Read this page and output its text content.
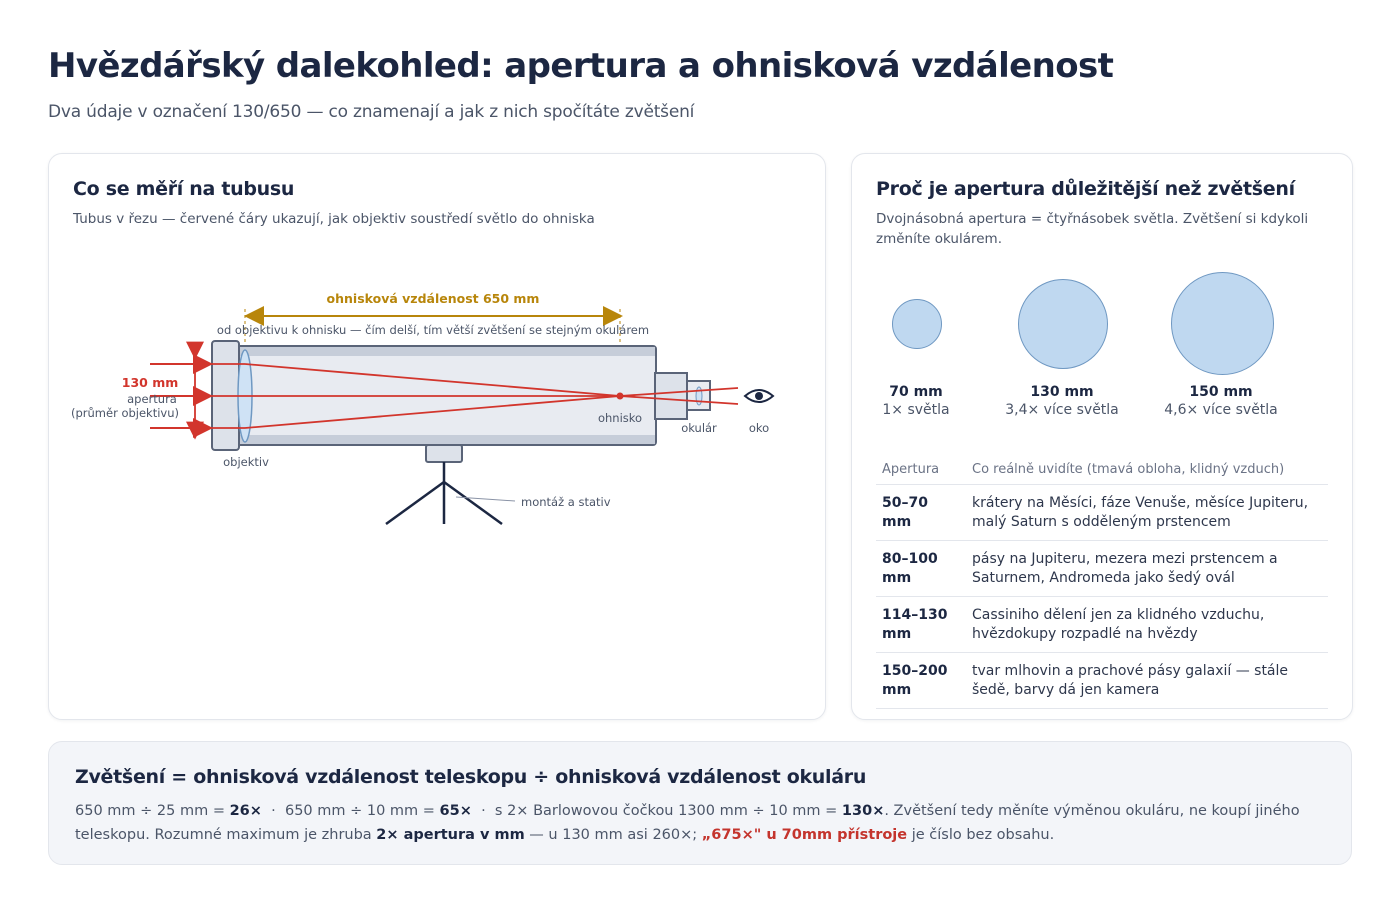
Hvězdářský dalekohled: apertura a ohnisková vzdálenost
Dva údaje v označení 130/650 — co znamenají a jak z nich spočítáte zvětšení
Co se měří na tubusu
Tubus v řezu — červené čáry ukazují, jak objektiv soustředí světlo do ohniska
ohnisková vzdálenost 650 mm
od objektivu k ohnisku — čím delší, tím větší zvětšení se stejným okulárem
130 mm
apertura
(průměr objektivu)
objektiv
ohnisko
okulár	oko
montáž a stativ
Proč je apertura důležitější než zvětšení
Dvojnásobná apertura = čtyřnásobek světla. Zvětšení si kdykoli změníte okulárem.
70 mm
1× světla
130 mm
3,4× více světla
150 mm
4,6× více světla
Apertura	Co reálně uvidíte (tmavá obloha, klidný vzduch)
50–70 mm	krátery na Měsíci, fáze Venuše, měsíce Jupiteru, malý Saturn s odděleným prstencem
80–100 mm	pásy na Jupiteru, mezera mezi prstencem a Saturnem, Andromeda jako šedý ovál
114–130 mm	Cassiniho dělení jen za klidného vzduchu, hvězdokupy rozpadlé na hvězdy
150–200 mm	tvar mlhovin a prachové pásy galaxií — stále šedě, barvy dá jen kamera
Zvětšení = ohnisková vzdálenost teleskopu ÷ ohnisková vzdálenost okuláru
650 mm ÷ 25 mm = 26×  ·  650 mm ÷ 10 mm = 65×  ·  s 2× Barlowovou čočkou 1300 mm ÷ 10 mm = 130×. Zvětšení tedy měníte výměnou okuláru, ne koupí jiného teleskopu. Rozumné maximum je zhruba 2× apertura v mm — u 130 mm asi 260×; „675×" u 70mm přístroje je číslo bez obsahu.
